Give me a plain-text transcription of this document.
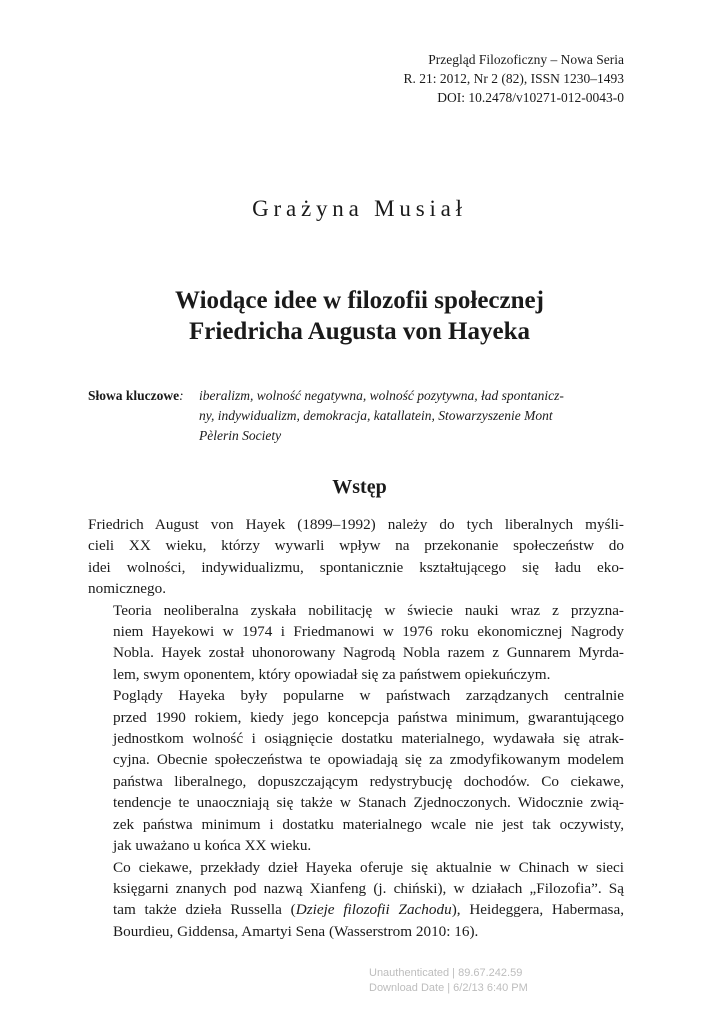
Przegląd Filozoficzny – Nowa Seria
R. 21: 2012, Nr 2 (82), ISSN 1230–1493
DOI: 10.2478/v10271-012-0043-0
Grażyna Musiał
Wiodące idee w filozofii społecznej
Friedricha Augusta von Hayeka
Słowa kluczowe: iberalizm, wolność negatywna, wolność pozytywna, ład spontanicz-
ny, indywidualizm, demokracja, katallatein, Stowarzyszenie Mont
Pèlerin Society
Wstęp

Friedrich August von Hayek (1899–1992) należy do tych liberalnych myśli-
cieli XX wieku, którzy wywarli wpływ na przekonanie społeczeństw do
idei wolności, indywidualizmu, spontanicznie kształtującego się ładu eko-
nomicznego.

Teoria neoliberalna zyskała nobilitację w świecie nauki wraz z przyzna-
niem Hayekowi w 1974 i Friedmanowi w 1976 roku ekonomicznej Nagrody
Nobla. Hayek został uhonorowany Nagrodą Nobla razem z Gunnarem Myrda-
lem, swym oponentem, który opowiadał się za państwem opiekuńczym.

Poglądy Hayeka były popularne w państwach zarządzanych centralnie
przed 1990 rokiem, kiedy jego koncepcja państwa minimum, gwarantującego
jednostkom wolność i osiągnięcie dostatku materialnego, wydawała się atrak-
cyjna. Obecnie społeczeństwa te opowiadają się za zmodyfikowanym modelem
państwa liberalnego, dopuszczającym redystrybucję dochodów. Co ciekawe,
tendencje te unaoczniają się także w Stanach Zjednoczonych. Widocznie zwią-
zek państwa minimum i dostatku materialnego wcale nie jest tak oczywisty,
jak uważano u końca XX wieku.

Co ciekawe, przekłady dzieł Hayeka oferuje się aktualnie w Chinach w sieci
księgarni znanych pod nazwą Xianfeng (j. chiński), w działach „Filozofia”. Są
tam także dzieła Russella (Dzieje filozofii Zachodu), Heideggera, Habermasa,
Bourdieu, Giddensa, Amartyi Sena (Wasserstrom 2010: 16).

Unauthenticated | 89.67.242.59
Download Date | 6/2/13 6:40 PM
